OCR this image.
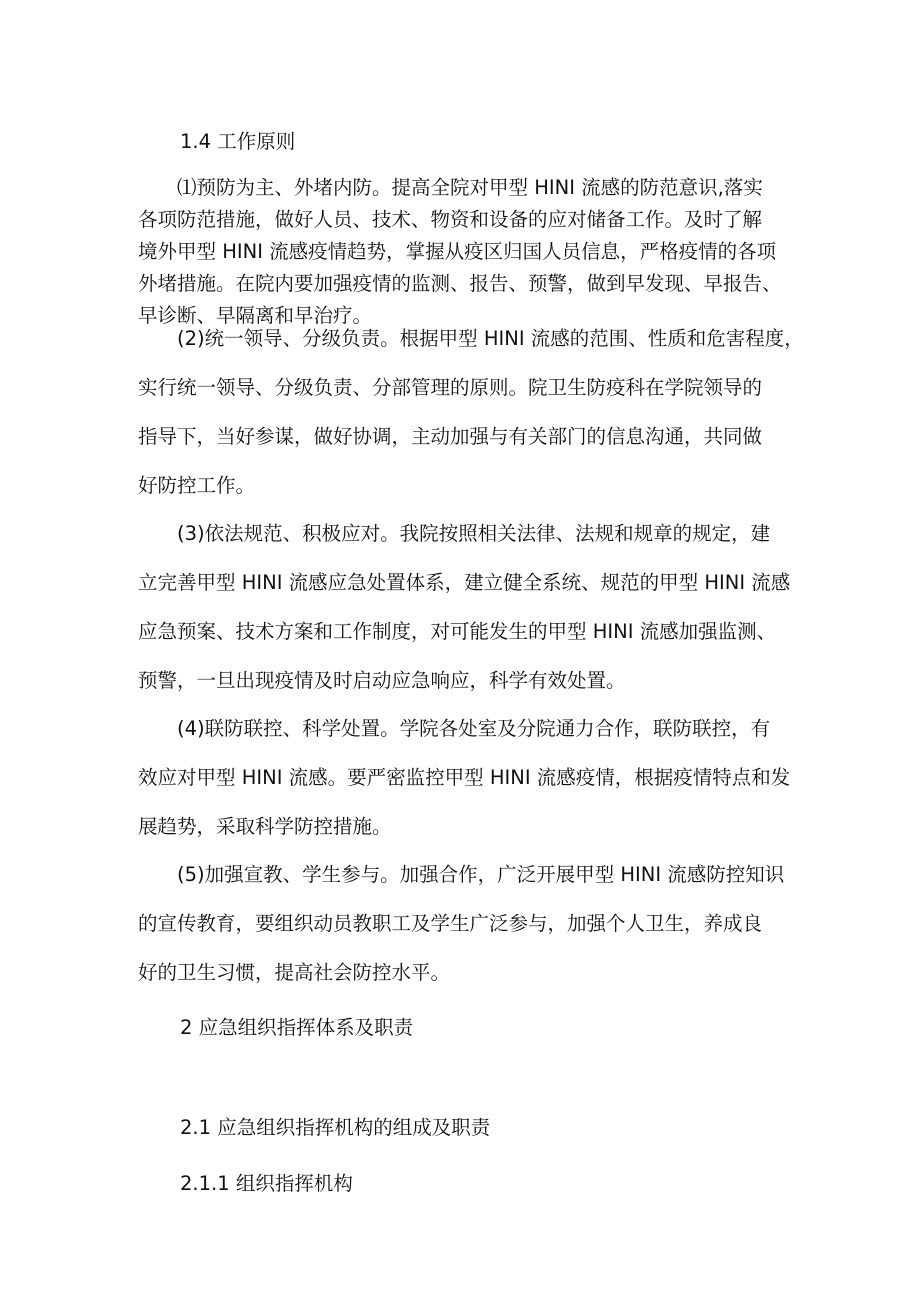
1.4 工作原则
⑴预防为主、外堵内防。提高全院对甲型 HINI 流感的防范意识,落实
各项防范措施，做好人员、技术、物资和设备的应对储备工作。及时了解
境外甲型 HINI 流感疫情趋势，掌握从疫区归国人员信息，严格疫情的各项
外堵措施。在院内要加强疫情的监测、报告、预警，做到早发现、早报告、
早诊断、早隔离和早治疗。
(2)统一领导、分级负责。根据甲型 HINI 流感的范围、性质和危害程度，
实行统一领导、分级负责、分部管理的原则。院卫生防疫科在学院领导的
指导下，当好参谋，做好协调，主动加强与有关部门的信息沟通，共同做
好防控工作。
(3)依法规范、积极应对。我院按照相关法律、法规和规章的规定，建
立完善甲型 HINI 流感应急处置体系，建立健全系统、规范的甲型 HINI 流感
应急预案、技术方案和工作制度，对可能发生的甲型 HINI 流感加强监测、
预警，一旦出现疫情及时启动应急响应，科学有效处置。
(4)联防联控、科学处置。学院各处室及分院通力合作，联防联控，有
效应对甲型 HINI 流感。要严密监控甲型 HINI 流感疫情，根据疫情特点和发
展趋势，采取科学防控措施。
(5)加强宣教、学生参与。加强合作，广泛开展甲型 HINI 流感防控知识
的宣传教育，要组织动员教职工及学生广泛参与，加强个人卫生，养成良
好的卫生习惯，提高社会防控水平。
2 应急组织指挥体系及职责
2.1 应急组织指挥机构的组成及职责
2.1.1 组织指挥机构
